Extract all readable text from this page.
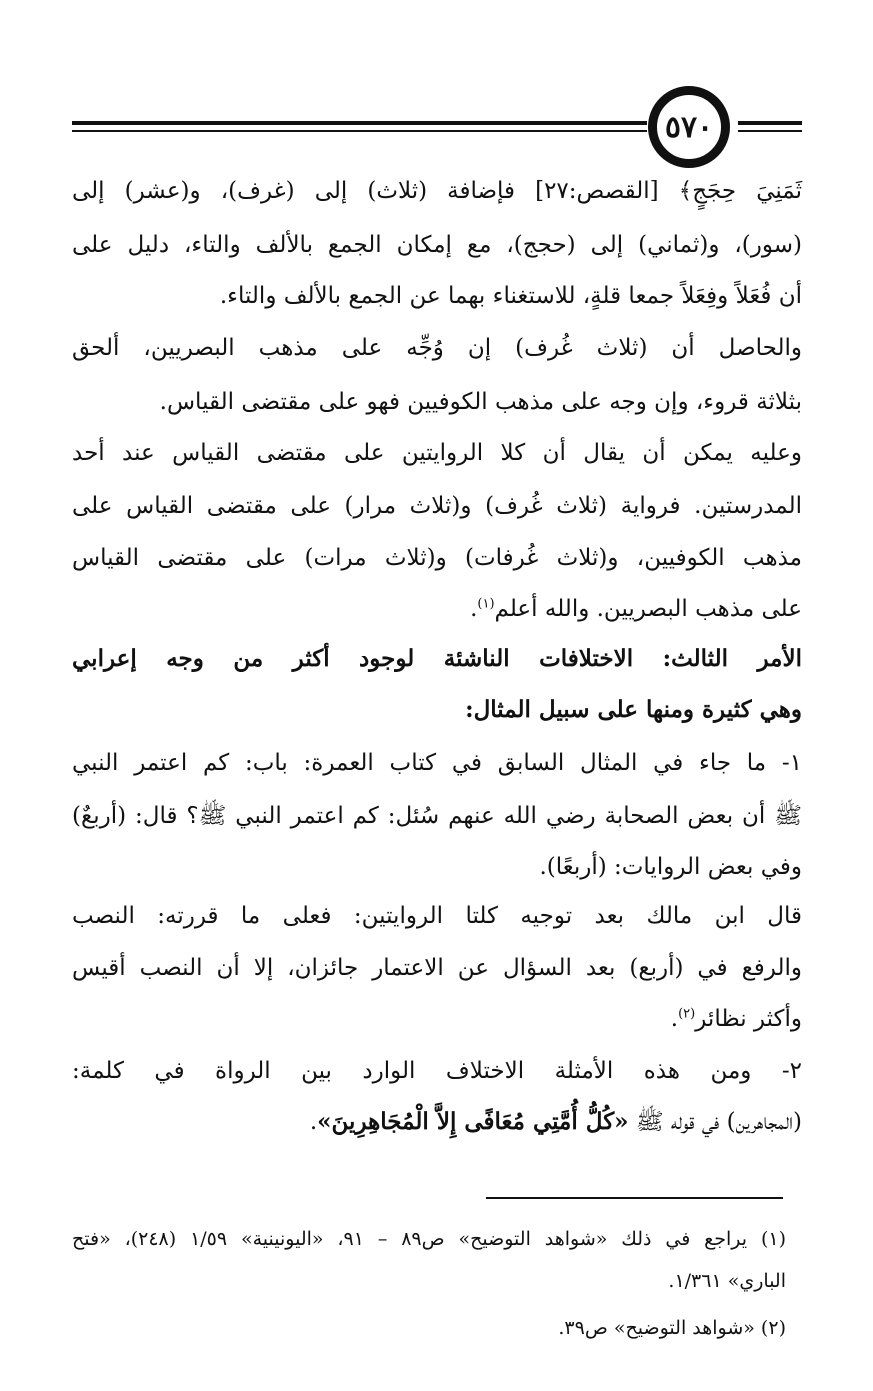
٥٧٠
ثَمَنِيَ حِجَجٍ﴾ [القصص:٢٧] فإضافة (ثلاث) إلى (غرف)، و(عشر) إلى
(سور)، و(ثماني) إلى (حجج)، مع إمكان الجمع بالألف والتاء، دليل على
أن فُعَلاً وفِعَلاً جمعا قلةٍ، للاستغناء بهما عن الجمع بالألف والتاء.
والحاصل أن (ثلاث غُرف) إن وُجِّه على مذهب البصريين، ألحق
بثلاثة قروء، وإن وجه على مذهب الكوفيين فهو على مقتضى القياس.
وعليه يمكن أن يقال أن كلا الروايتين على مقتضى القياس عند أحد
المدرستين. فرواية (ثلاث غُرف) و(ثلاث مرار) على مقتضى القياس على
مذهب الكوفيين، و(ثلاث غُرفات) و(ثلاث مرات) على مقتضى القياس
على مذهب البصريين. والله أعلم$^{(١)}$.
الأمر الثالث: الاختلافات الناشئة لوجود أكثر من وجه إعرابي
وهي كثيرة ومنها على سبيل المثال:
١- ما جاء في المثال السابق في كتاب العمرة: باب: كم اعتمر النبي
ﷺ أن بعض الصحابة رضي الله عنهم سُئل: كم اعتمر النبي ﷺ؟ قال: (أربعٌ)
وفي بعض الروايات: (أربعًا).
قال ابن مالك بعد توجيه كلتا الروايتين: فعلى ما قررته: النصب
والرفع في (أربع) بعد السؤال عن الاعتمار جائزان، إلا أن النصب أقيس
وأكثر نظائر$^{(٢)}$.
٢- ومن هذه الأمثلة الاختلاف الوارد بين الرواة في كلمة:
(المجاهرين) في قوله ﷺ «كُلُّ أُمَّتِي مُعَافًى إِلاَّ الْمُجَاهِرِينَ».
(١) يراجع في ذلك «شواهد التوضيح» ص٨٩ – ٩١، «اليونينية» ١/٥٩ (٢٤٨)، «فتح
الباري» ١/٣٦١.
(٢) «شواهد التوضيح» ص٣٩.
